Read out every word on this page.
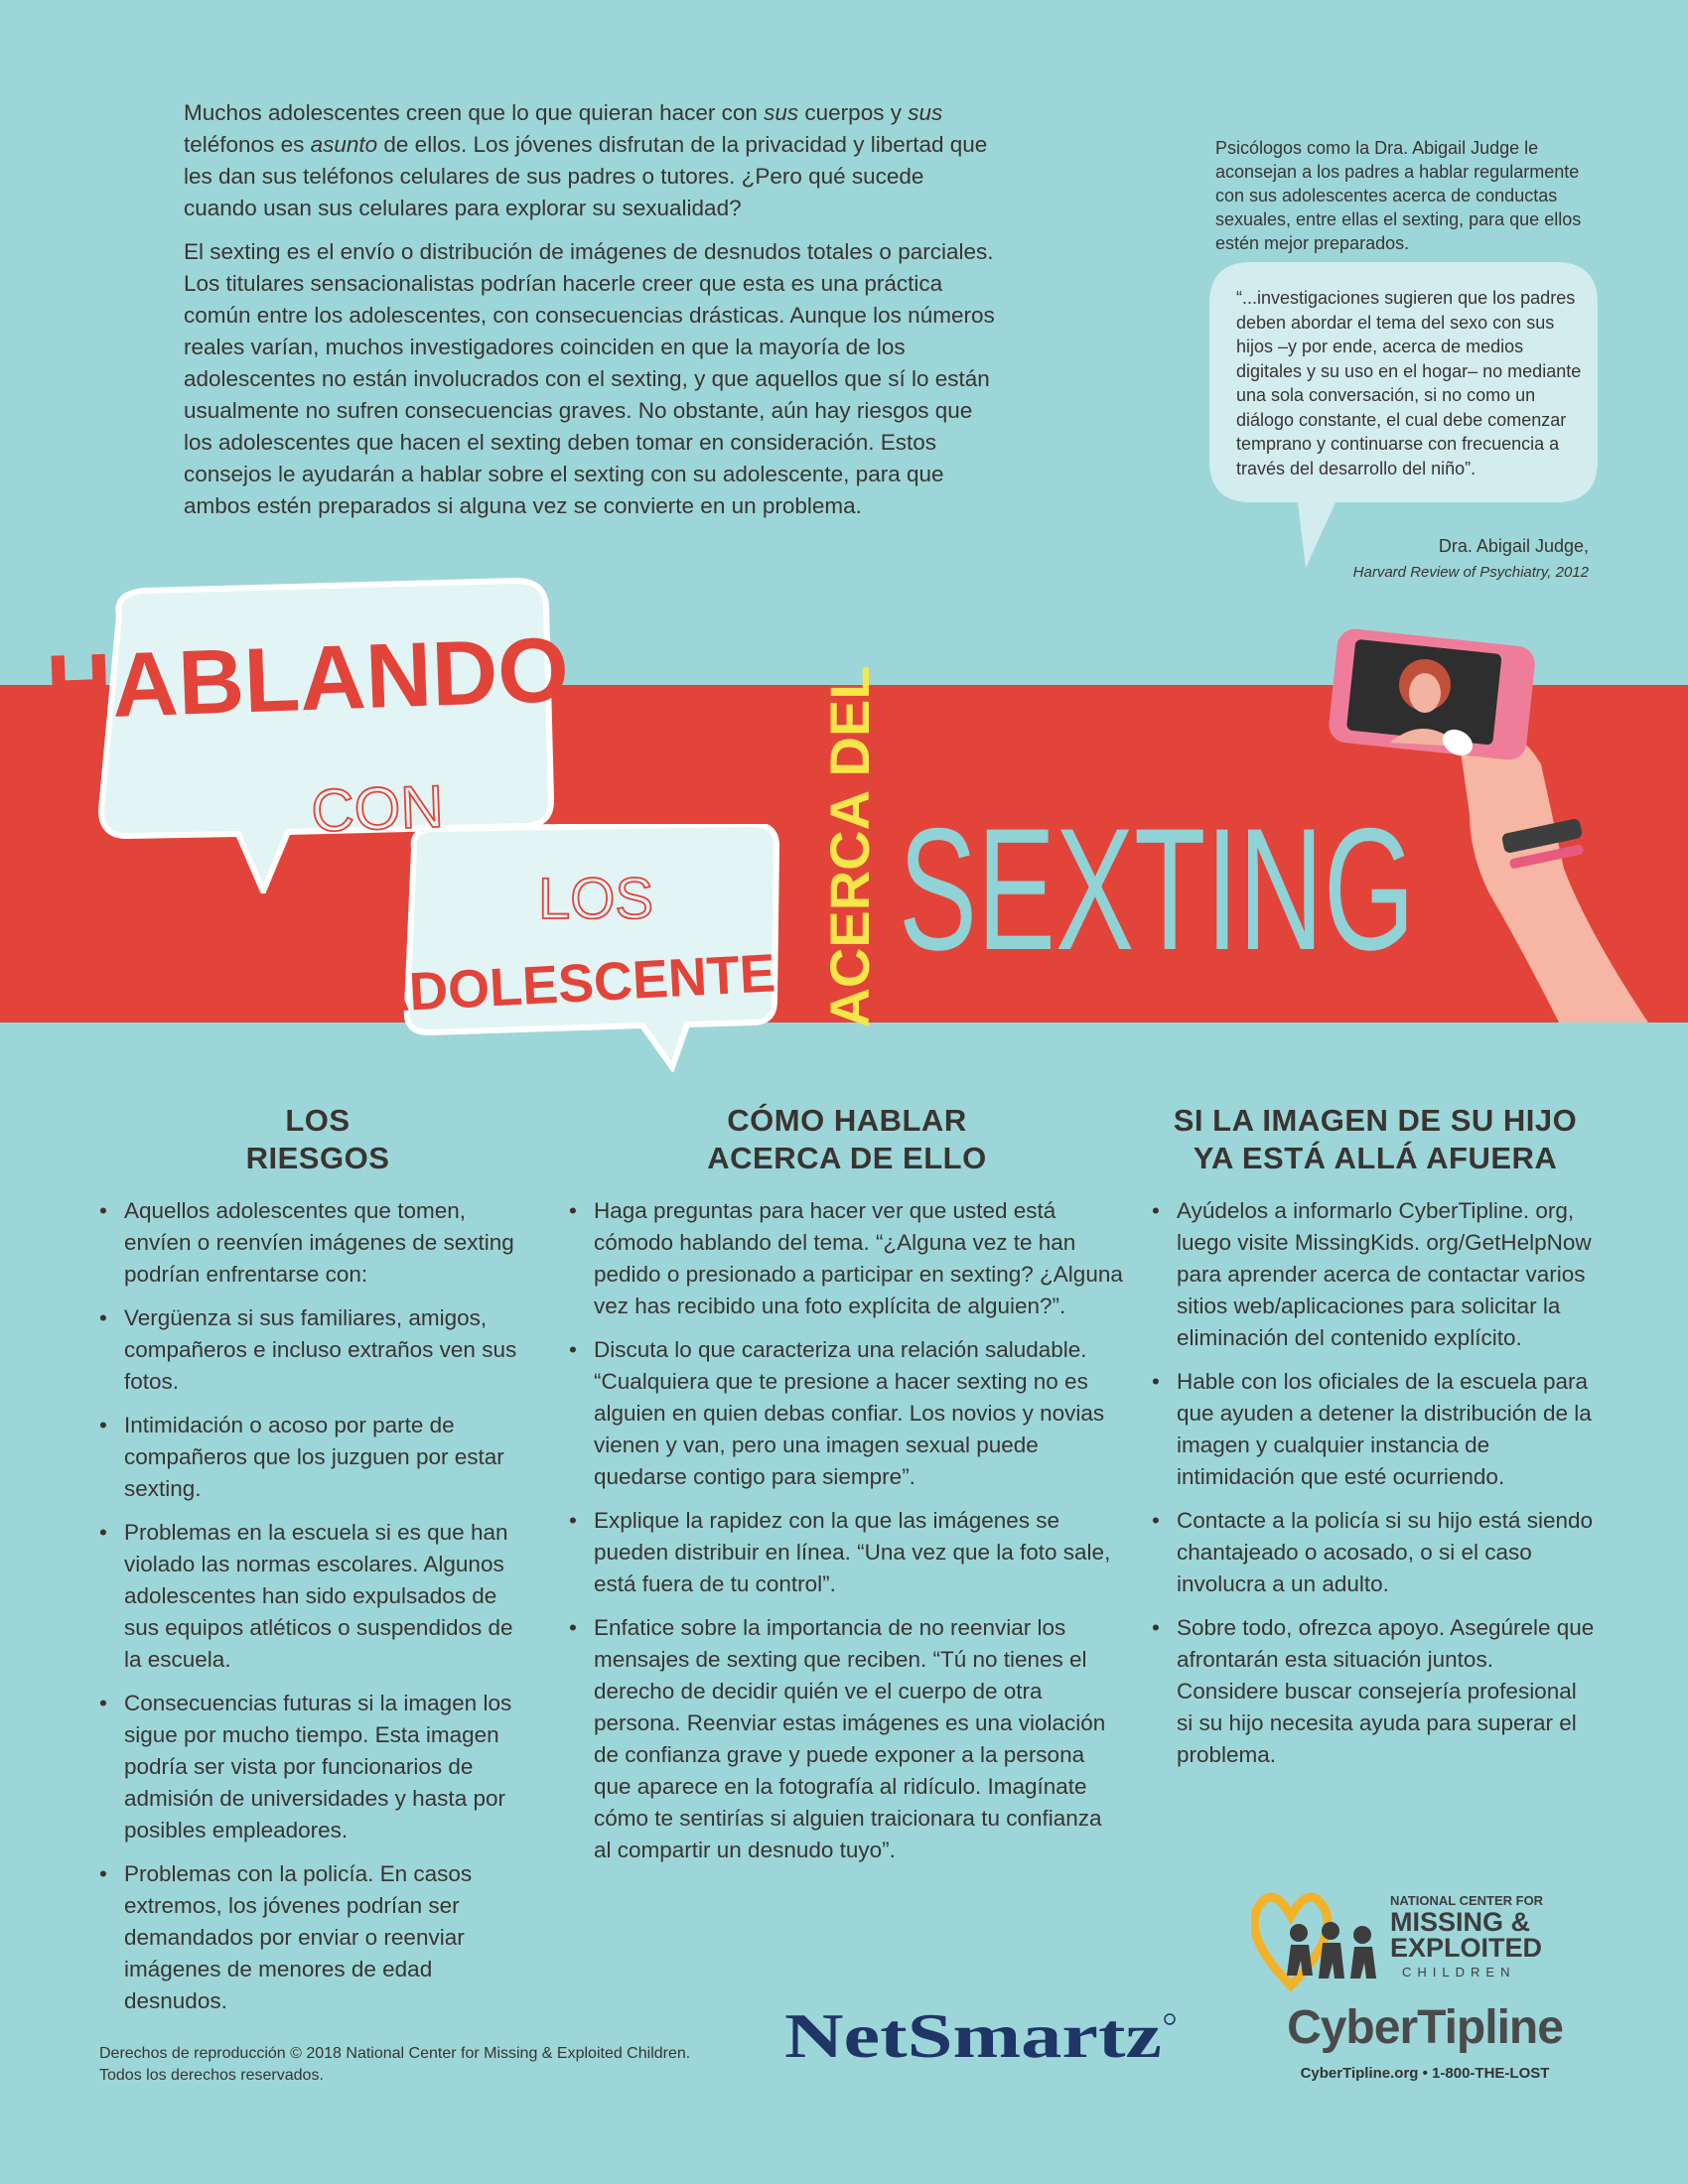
Muchos adolescentes creen que lo que quieran hacer con sus cuerpos y sus teléfonos es asunto de ellos. Los jóvenes disfrutan de la privacidad y libertad que les dan sus teléfonos celulares de sus padres o tutores. ¿Pero qué sucede cuando usan sus celulares para explorar su sexualidad?

El sexting es el envío o distribución de imágenes de desnudos totales o parciales. Los titulares sensacionalistas podrían hacerle creer que esta es una práctica común entre los adolescentes, con consecuencias drásticas. Aunque los números reales varían, muchos investigadores coinciden en que la mayoría de los adolescentes no están involucrados con el sexting, y que aquellos que sí lo están usualmente no sufren consecuencias graves. No obstante, aún hay riesgos que los adolescentes que hacen el sexting deben tomar en consideración. Estos consejos le ayudarán a hablar sobre el sexting con su adolescente, para que ambos estén preparados si alguna vez se convierte en un problema.

Psicólogos como la Dra. Abigail Judge le aconsejan a los padres a hablar regularmente con sus adolescentes acerca de conductas sexuales, entre ellas el sexting, para que ellos estén mejor preparados.

“...investigaciones sugieren que los padres deben abordar el tema del sexo con sus hijos –y por ende, acerca de medios digitales y su uso en el hogar– no mediante una sola conversación, si no como un diálogo constante, el cual debe comenzar temprano y continuarse con frecuencia a través del desarrollo del niño”.

Dra. Abigail Judge,
Harvard Review of Psychiatry, 2012
HABLANDO
CON
LOS
ADOLESCENTES ACERCA DEL SEXTING
LOS
RIESGOS
• Aquellos adolescentes que tomen, envíen o reenvíen imágenes de sexting podrían enfrentarse con:
• Vergüenza si sus familiares, amigos, compañeros e incluso extraños ven sus fotos.
• Intimidación o acoso por parte de compañeros que los juzguen por estar sexting.
• Problemas en la escuela si es que han violado las normas escolares. Algunos adolescentes han sido expulsados de sus equipos atléticos o suspendidos de la escuela.
• Consecuencias futuras si la imagen los sigue por mucho tiempo. Esta imagen podría ser vista por funcionarios de admisión de universidades y hasta por posibles empleadores.
• Problemas con la policía. En casos extremos, los jóvenes podrían ser demandados por enviar o reenviar imágenes de menores de edad desnudos.
CÓMO HABLAR
ACERCA DE ELLO
• Haga preguntas para hacer ver que usted está cómodo hablando del tema. “¿Alguna vez te han pedido o presionado a participar en sexting? ¿Alguna vez has recibido una foto explícita de alguien?”.
• Discuta lo que caracteriza una relación saludable. “Cualquiera que te presione a hacer sexting no es alguien en quien debas confiar. Los novios y novias vienen y van, pero una imagen sexual puede quedarse contigo para siempre”.
• Explique la rapidez con la que las imágenes se pueden distribuir en línea. “Una vez que la foto sale, está fuera de tu control”.
• Enfatice sobre la importancia de no reenviar los mensajes de sexting que reciben. “Tú no tienes el derecho de decidir quién ve el cuerpo de otra persona. Reenviar estas imágenes es una violación de confianza grave y puede exponer a la persona que aparece en la fotografía al ridículo. Imagínate cómo te sentirías si alguien traicionara tu confianza al compartir un desnudo tuyo”.
SI LA IMAGEN DE SU HIJO
YA ESTÁ ALLÁ AFUERA
• Ayúdelos a informarlo CyberTipline. org, luego visite MissingKids. org/GetHelpNow para aprender acerca de contactar varios sitios web/aplicaciones para solicitar la eliminación del contenido explícito.
• Hable con los oficiales de la escuela para que ayuden a detener la distribución de la imagen y cualquier instancia de intimidación que esté ocurriendo.
• Contacte a la policía si su hijo está siendo chantajeado o acosado, o si el caso involucra a un adulto.
• Sobre todo, ofrezca apoyo. Asegúrele que afrontarán esta situación juntos. Considere buscar consejería profesional si su hijo necesita ayuda para superar el problema.

Derechos de reproducción © 2018 National Center for Missing & Exploited Children. Todos los derechos reservados.

NetSmartz
NATIONAL CENTER FOR
MISSING &
EXPLOITED
CHILDREN
CyberTipline
CyberTipline.org • 1-800-THE-LOST
